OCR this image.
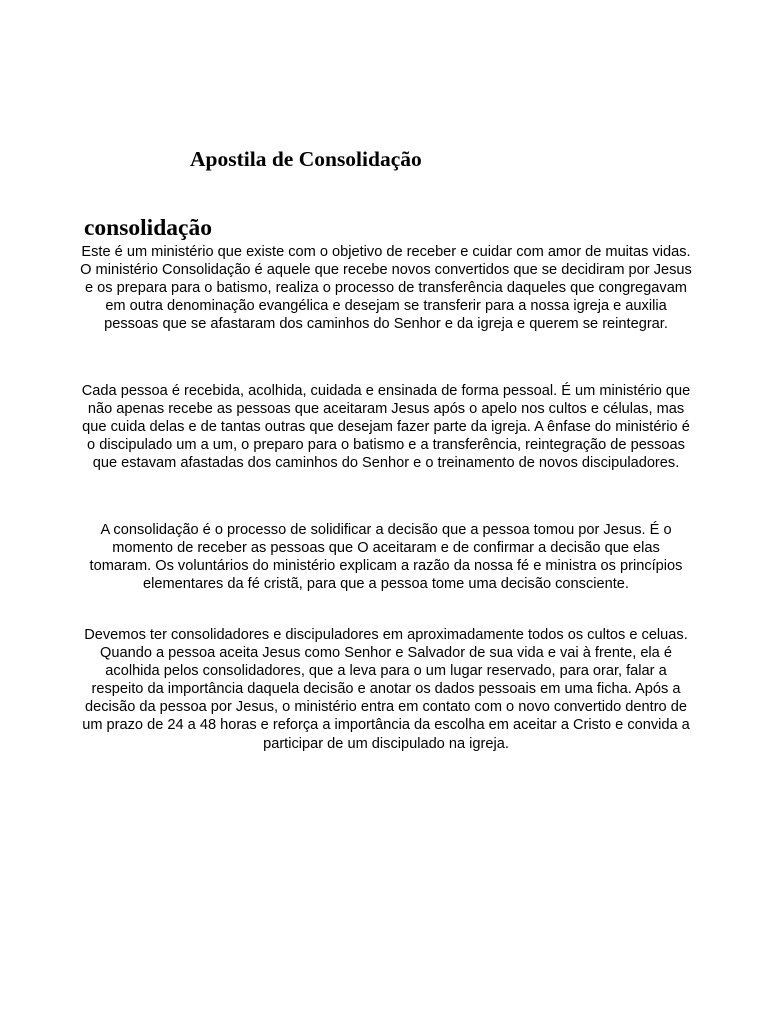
Apostila de Consolidação
consolidação

Este é um ministério que existe com o objetivo de receber e cuidar com amor de muitas vidas. O ministério Consolidação é aquele que recebe novos convertidos que se decidiram por Jesus e os prepara para o batismo, realiza o processo de transferência daqueles que congregavam em outra denominação evangélica e desejam se transferir para a nossa igreja e auxilia pessoas que se afastaram dos caminhos do Senhor e da igreja e querem se reintegrar.

Cada pessoa é recebida, acolhida, cuidada e ensinada de forma pessoal. É um ministério que não apenas recebe as pessoas que aceitaram Jesus após o apelo nos cultos e células, mas que cuida delas e de tantas outras que desejam fazer parte da igreja. A ênfase do ministério é o discipulado um a um, o preparo para o batismo e a transferência, reintegração de pessoas que estavam afastadas dos caminhos do Senhor e o treinamento de novos discipuladores.

A consolidação é o processo de solidificar a decisão que a pessoa tomou por Jesus. É o momento de receber as pessoas que O aceitaram e de confirmar a decisão que elas tomaram. Os voluntários do ministério explicam a razão da nossa fé e ministra os princípios elementares da fé cristã, para que a pessoa tome uma decisão consciente.

Devemos ter consolidadores e discipuladores em aproximadamente todos os cultos e celuas. Quando a pessoa aceita Jesus como Senhor e Salvador de sua vida e vai à frente, ela é acolhida pelos consolidadores, que a leva para o um lugar reservado, para orar, falar a respeito da importância daquela decisão e anotar os dados pessoais em uma ficha. Após a decisão da pessoa por Jesus, o ministério entra em contato com o novo convertido dentro de um prazo de 24 a 48 horas e reforça a importância da escolha em aceitar a Cristo e convida a participar de um discipulado na igreja.
